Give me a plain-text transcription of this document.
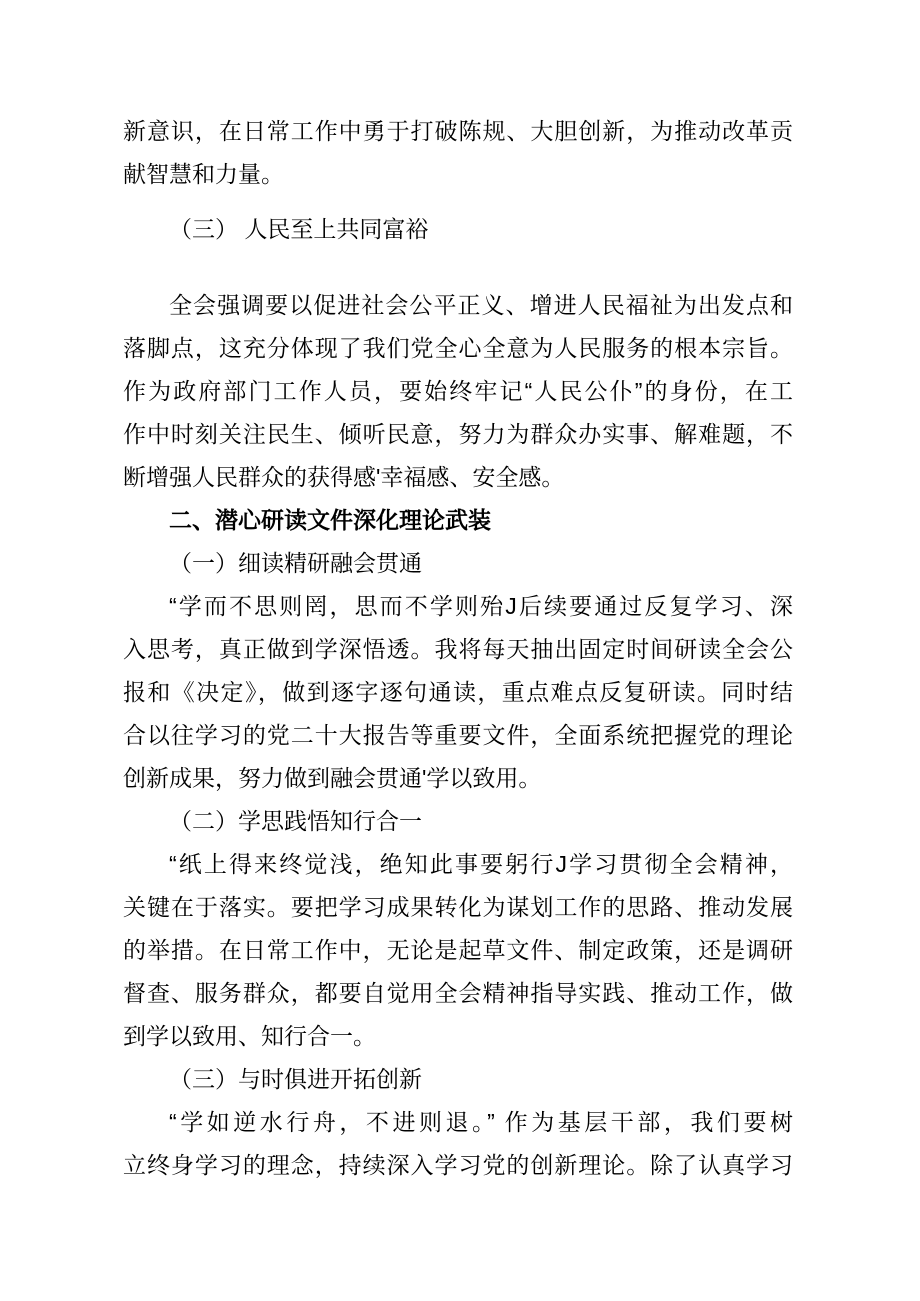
新意识，在日常工作中勇于打破陈规、大胆创新，为推动改革贡
献智慧和力量。
（三） 人民至上共同富裕
全会强调要以促进社会公平正义、增进人民福祉为出发点和
落脚点，这充分体现了我们党全心全意为人民服务的根本宗旨。
作为政府部门工作人员，要始终牢记“人民公仆”的身份，在工
作中时刻关注民生、倾听民意，努力为群众办实事、解难题，不
断增强人民群众的获得感'幸福感、安全感。
二、潜心研读文件深化理论武装
（一）细读精研融会贯通
“学而不思则罔，思而不学则殆J后续要通过反复学习、深
入思考，真正做到学深悟透。我将每天抽出固定时间研读全会公
报和《决定》，做到逐字逐句通读，重点难点反复研读。同时结
合以往学习的党二十大报告等重要文件，全面系统把握党的理论
创新成果，努力做到融会贯通'学以致用。
（二）学思践悟知行合一
“纸上得来终觉浅，绝知此事要躬行J学习贯彻全会精神，
关键在于落实。要把学习成果转化为谋划工作的思路、推动发展
的举措。在日常工作中，无论是起草文件、制定政策，还是调研
督查、服务群众，都要自觉用全会精神指导实践、推动工作，做
到学以致用、知行合一。
（三）与时俱进开拓创新
“学如逆水行舟，不进则退。” 作为基层干部，我们要树
立终身学习的理念，持续深入学习党的创新理论。除了认真学习
